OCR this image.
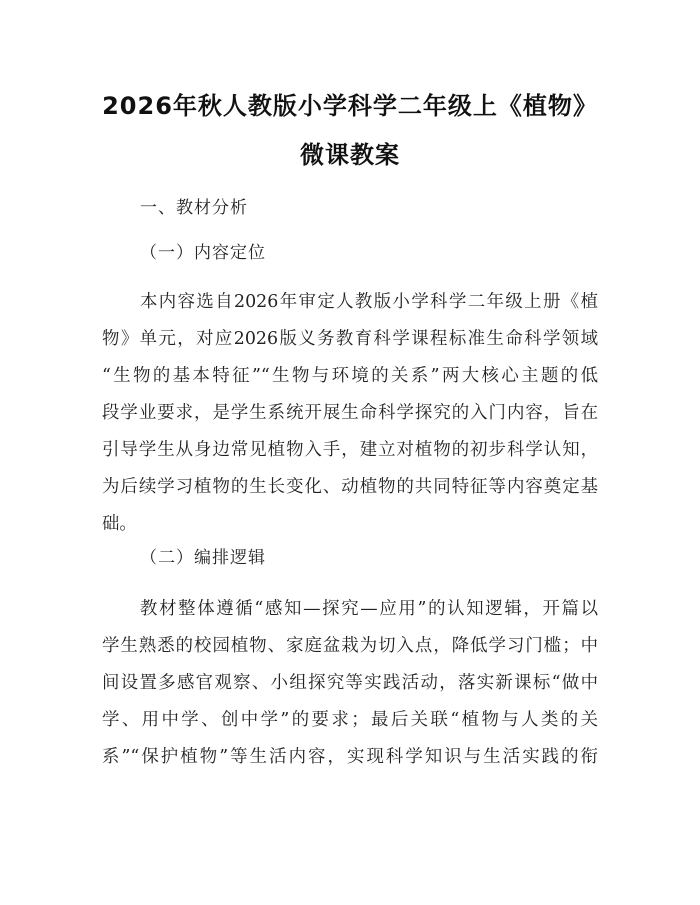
2026年秋人教版小学科学二年级上《植物》
微课教案
一、教材分析
（一）内容定位
本内容选自2026年审定人教版小学科学二年级上册《植
物》单元，对应2026版义务教育科学课程标准生命科学领域
“生物的基本特征”“生物与环境的关系”两大核心主题的低
段学业要求，是学生系统开展生命科学探究的入门内容，旨在
引导学生从身边常见植物入手，建立对植物的初步科学认知，
为后续学习植物的生长变化、动植物的共同特征等内容奠定基
础。
（二）编排逻辑
教材整体遵循“感知—探究—应用”的认知逻辑，开篇以
学生熟悉的校园植物、家庭盆栽为切入点，降低学习门槛；中
间设置多感官观察、小组探究等实践活动，落实新课标“做中
学、用中学、创中学”的要求；最后关联“植物与人类的关
系”“保护植物”等生活内容，实现科学知识与生活实践的衔
